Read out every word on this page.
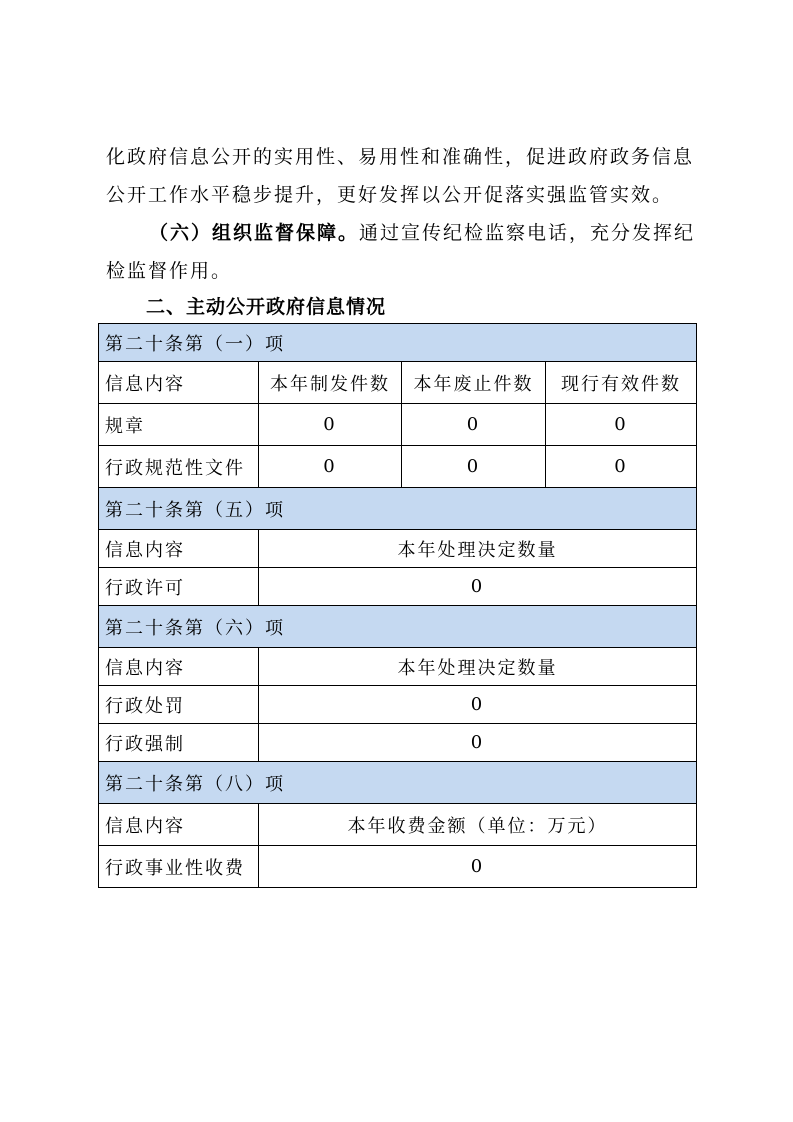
化政府信息公开的实用性、易用性和准确性，促进政府政务信息公开工作水平稳步提升，更好发挥以公开促落实强监管实效。
（六）组织监督保障。通过宣传纪检监察电话，充分发挥纪检监督作用。
二、主动公开政府信息情况
第二十条第（一）项			
信息内容	本年制发件数	本年废止件数	现行有效件数
规章	0	0	0
行政规范性文件	0	0	0
第二十条第（五）项			
信息内容	本年处理决定数量		
行政许可	0		
第二十条第（六）项			
信息内容	本年处理决定数量		
行政处罚	0		
行政强制	0		
第二十条第（八）项			
信息内容	本年收费金额（单位：万元）		
行政事业性收费	0		
